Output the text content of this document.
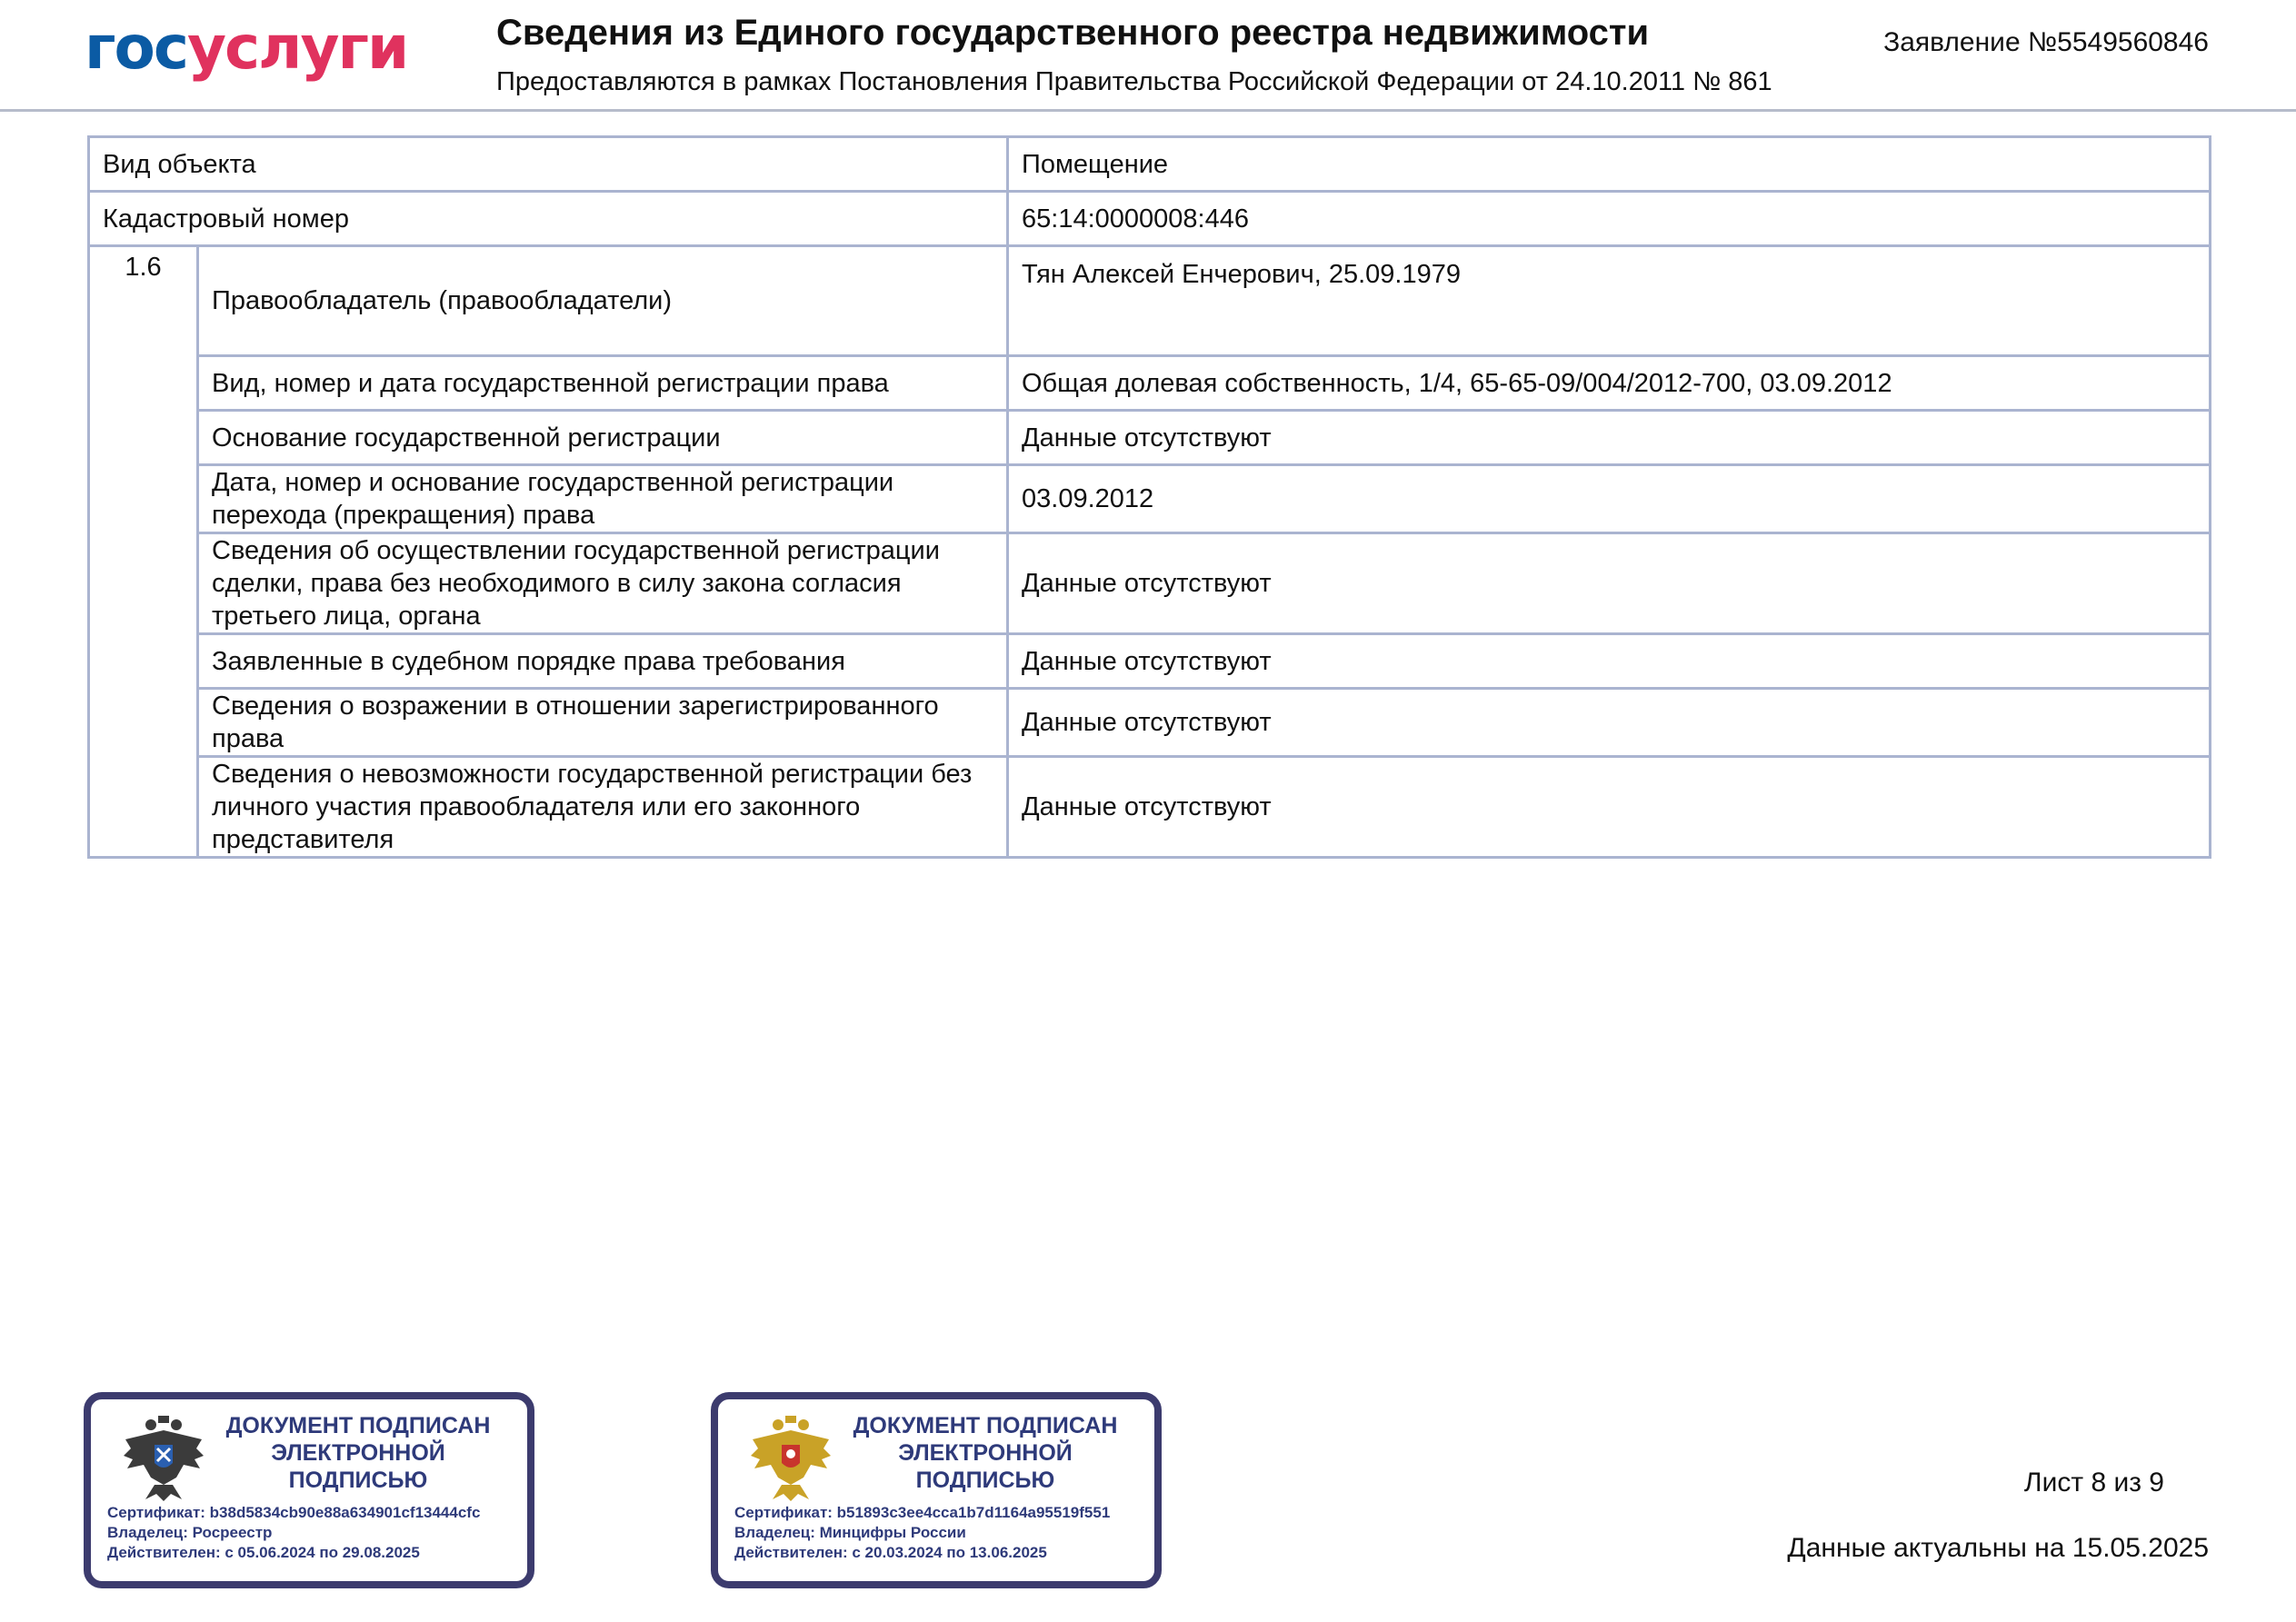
госуслуги Сведения из Единого государственного реестра недвижимости
Предоставляются в рамках Постановления Правительства Российской Федерации от 24.10.2011 № 861
Заявление №5549560846
Вид объекта		Помещение
Кадастровый номер		65:14:0000008:446
1.6	Правообладатель (правообладатели)	Тян Алексей Енчерович, 25.09.1979
	Вид, номер и дата государственной регистрации права	Общая долевая собственность, 1/4, 65-65-09/004/2012-700, 03.09.2012
	Основание государственной регистрации	Данные отсутствуют
	Дата, номер и основание государственной регистрации перехода (прекращения) права	03.09.2012
	Сведения об осуществлении государственной регистрации сделки, права без необходимого в силу закона согласия третьего лица, органа	Данные отсутствуют
	Заявленные в судебном порядке права требования	Данные отсутствуют
	Сведения о возражении в отношении зарегистрированного права	Данные отсутствуют
	Сведения о невозможности государственной регистрации без личного участия правообладателя или его законного представителя	Данные отсутствуют
ДОКУМЕНТ ПОДПИСАН ЭЛЕКТРОННОЙ ПОДПИСЬЮ
Сертификат: b38d5834cb90e88a634901cf13444cfc
Владелец: Росреестр
Действителен: с 05.06.2024 по 29.08.2025
ДОКУМЕНТ ПОДПИСАН ЭЛЕКТРОННОЙ ПОДПИСЬЮ
Сертификат: b51893c3ee4cca1b7d1164a95519f551
Владелец: Минцифры России
Действителен: с 20.03.2024 по 13.06.2025
Лист 8 из 9
Данные актуальны на 15.05.2025
